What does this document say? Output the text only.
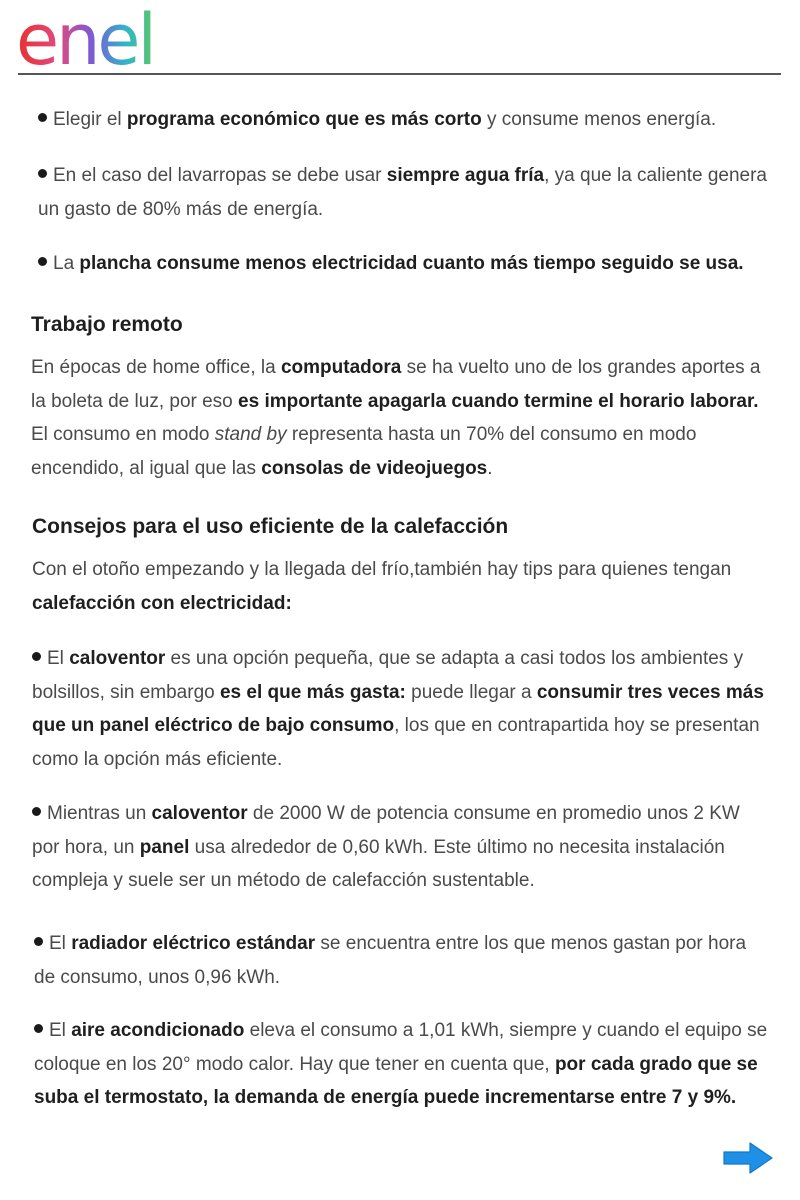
enel

Elegir el programa económico que es más corto y consume menos energía.

En el caso del lavarropas se debe usar siempre agua fría, ya que la caliente genera un gasto de 80% más de energía.

La plancha consume menos electricidad cuanto más tiempo seguido se usa.

Trabajo remoto

En épocas de home office, la computadora se ha vuelto uno de los grandes aportes a la boleta de luz, por eso es importante apagarla cuando termine el horario laborar. El consumo en modo stand by representa hasta un 70% del consumo en modo encendido, al igual que las consolas de videojuegos.

Consejos para el uso eficiente de la calefacción

Con el otoño empezando y la llegada del frío,también hay tips para quienes tengan calefacción con electricidad:

El caloventor es una opción pequeña, que se adapta a casi todos los ambientes y bolsillos, sin embargo es el que más gasta: puede llegar a consumir tres veces más que un panel eléctrico de bajo consumo, los que en contrapartida hoy se presentan como la opción más eficiente.

Mientras un caloventor de 2000 W de potencia consume en promedio unos 2 KW por hora, un panel usa alrededor de 0,60 kWh. Este último no necesita instalación compleja y suele ser un método de calefacción sustentable.

El radiador eléctrico estándar se encuentra entre los que menos gastan por hora de consumo, unos 0,96 kWh.

El aire acondicionado eleva el consumo a 1,01 kWh, siempre y cuando el equipo se coloque en los 20° modo calor. Hay que tener en cuenta que, por cada grado que se suba el termostato, la demanda de energía puede incrementarse entre 7 y 9%.
